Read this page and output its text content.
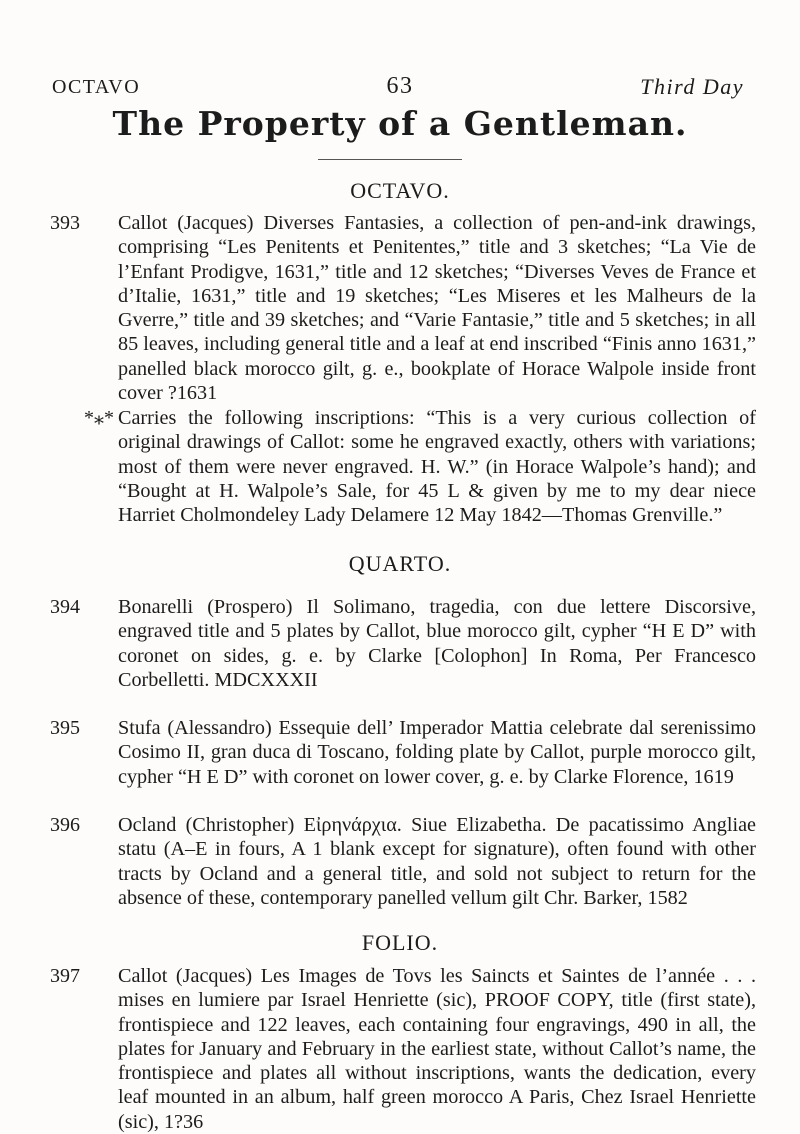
OCTAVO	63	Third Day
The Property of a Gentleman.
OCTAVO.
393 Callot (Jacques) Diverses Fantasies, a collection of pen-and-ink drawings, comprising “Les Penitents et Penitentes,” title and 3 sketches; “La Vie de l’Enfant Prodigve, 1631,” title and 12 sketches; “Diverses Veves de France et d’Italie, 1631,” title and 19 sketches; “Les Miseres et les Malheurs de la Gverre,” title and 39 sketches; and “Varie Fantasie,” title and 5 sketches; in all 85 leaves, including general title and a leaf at end inscribed “Finis anno 1631,” panelled black morocco gilt, g. e., bookplate of Horace Walpole inside front cover ?1631
*⁎* Carries the following inscriptions: “This is a very curious collection of original drawings of Callot: some he engraved exactly, others with variations; most of them were never engraved. H. W.” (in Horace Walpole’s hand); and “Bought at H. Walpole’s Sale, for 45 L & given by me to my dear niece Harriet Cholmondeley Lady Delamere 12 May 1842—Thomas Grenville.”
QUARTO.
394 Bonarelli (Prospero) Il Solimano, tragedia, con due lettere Discorsive, engraved title and 5 plates by Callot, blue morocco gilt, cypher “H E D” with coronet on sides, g. e. by Clarke [Colophon] In Roma, Per Francesco Corbelletti. MDCXXXII
395 Stufa (Alessandro) Essequie dell’ Imperador Mattia celebrate dal serenissimo Cosimo II, gran duca di Toscano, folding plate by Callot, purple morocco gilt, cypher “H E D” with coronet on lower cover, g. e. by Clarke Florence, 1619
396 Ocland (Christopher) Εἰρηνάρχια. Siue Elizabetha. De pacatissimo Angliae statu (A–E in fours, A 1 blank except for signature), often found with other tracts by Ocland and a general title, and sold not subject to return for the absence of these, contemporary panelled vellum gilt Chr. Barker, 1582
FOLIO.
397 Callot (Jacques) Les Images de Tovs les Saincts et Saintes de l’année . . . mises en lumiere par Israel Henriette (sic), PROOF COPY, title (first state), frontispiece and 122 leaves, each containing four engravings, 490 in all, the plates for January and February in the earliest state, without Callot’s name, the frontispiece and plates all without inscriptions, wants the dedication, every leaf mounted in an album, half green morocco A Paris, Chez Israel Henriette (sic), 1?36
